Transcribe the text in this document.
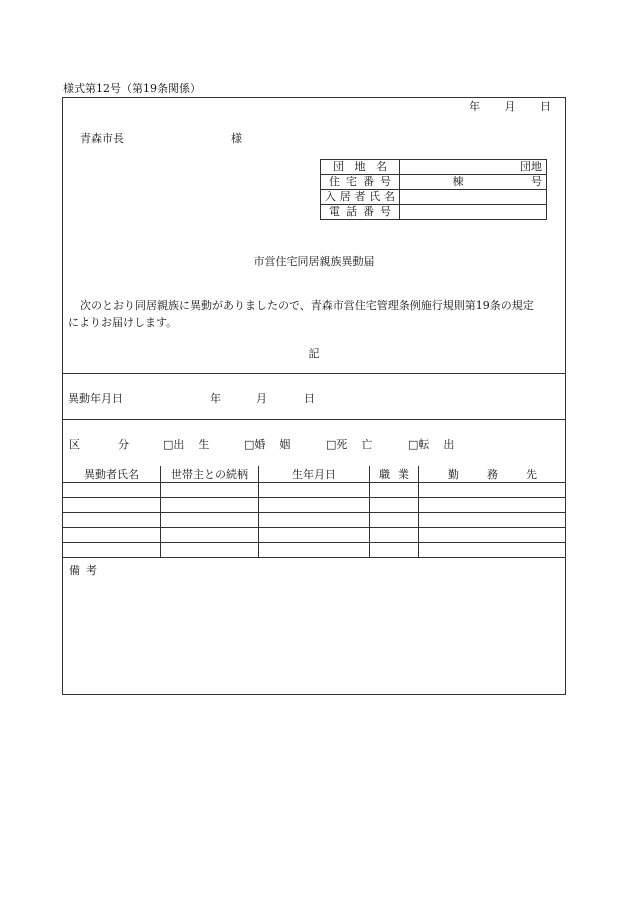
様式第12号（第19条関係）
年 月 日
青森市長	様
団 地 名	団地

住 宅 番 号	棟 号

入 居 者 氏 名	

電 話 番 号	

市営住宅同居親族異動届
次のとおり同居親族に異動がありましたので、青森市営住宅管理条例施行規則第19条の規定
によりお届けします。
記
異動年月日	年	月	日
区	分	□出 生	□婚 姻	□死 亡	□転 出
異動者氏名	世帯主との続柄	生年月日	職 業	勤 務 先

備 考
